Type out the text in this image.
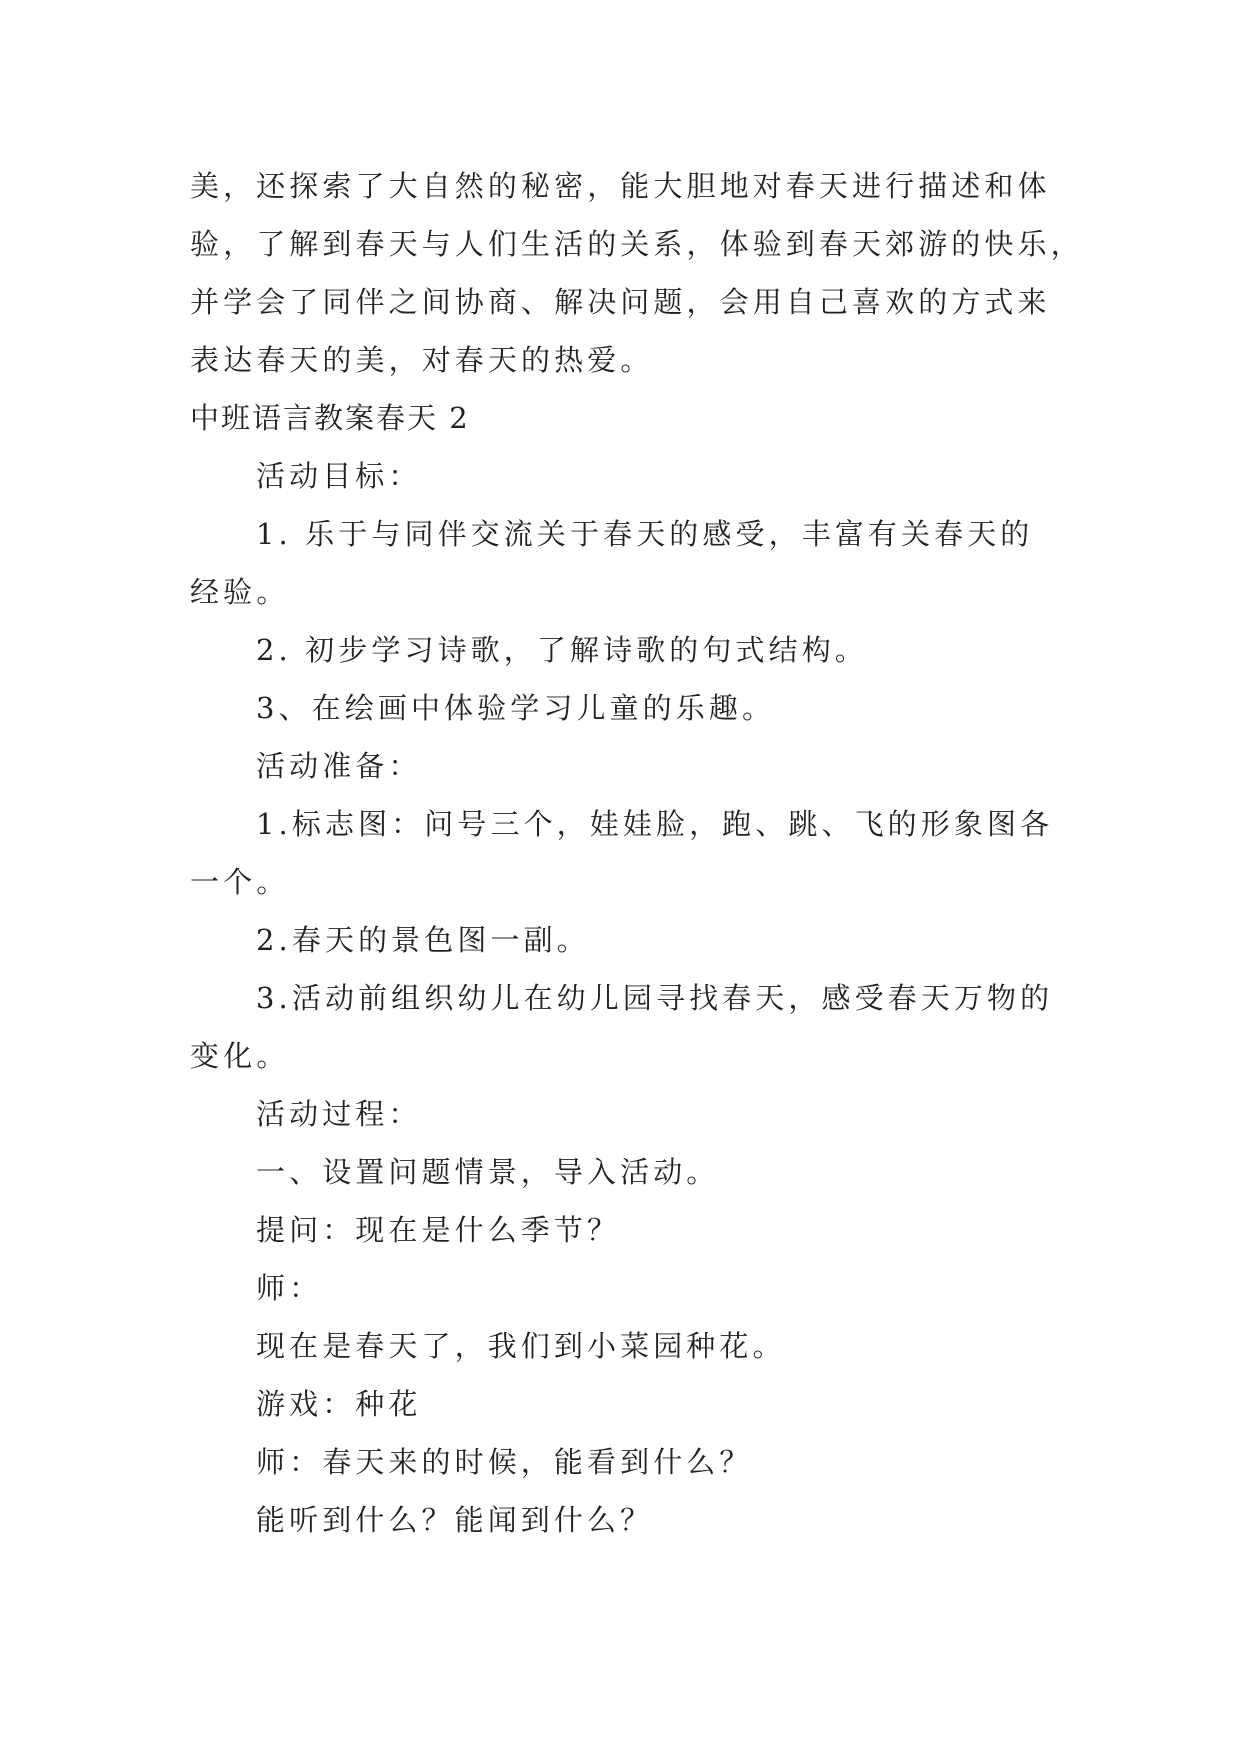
美，还探索了大自然的秘密，能大胆地对春天进行描述和体
验，了解到春天与人们生活的关系，体验到春天郊游的快乐，
并学会了同伴之间协商、解决问题，会用自己喜欢的方式来
表达春天的美，对春天的热爱。
中班语言教案春天 2
活动目标：
1. 乐于与同伴交流关于春天的感受，丰富有关春天的
经验。
2. 初步学习诗歌，了解诗歌的句式结构。
3、在绘画中体验学习儿童的乐趣。
活动准备：
1.标志图：问号三个，娃娃脸，跑、跳、飞的形象图各
一个。
2.春天的景色图一副。
3.活动前组织幼儿在幼儿园寻找春天，感受春天万物的
变化。
活动过程：
一、设置问题情景，导入活动。
提问：现在是什么季节？
师：
现在是春天了，我们到小菜园种花。
游戏：种花
师：春天来的时候，能看到什么？
能听到什么？能闻到什么？
